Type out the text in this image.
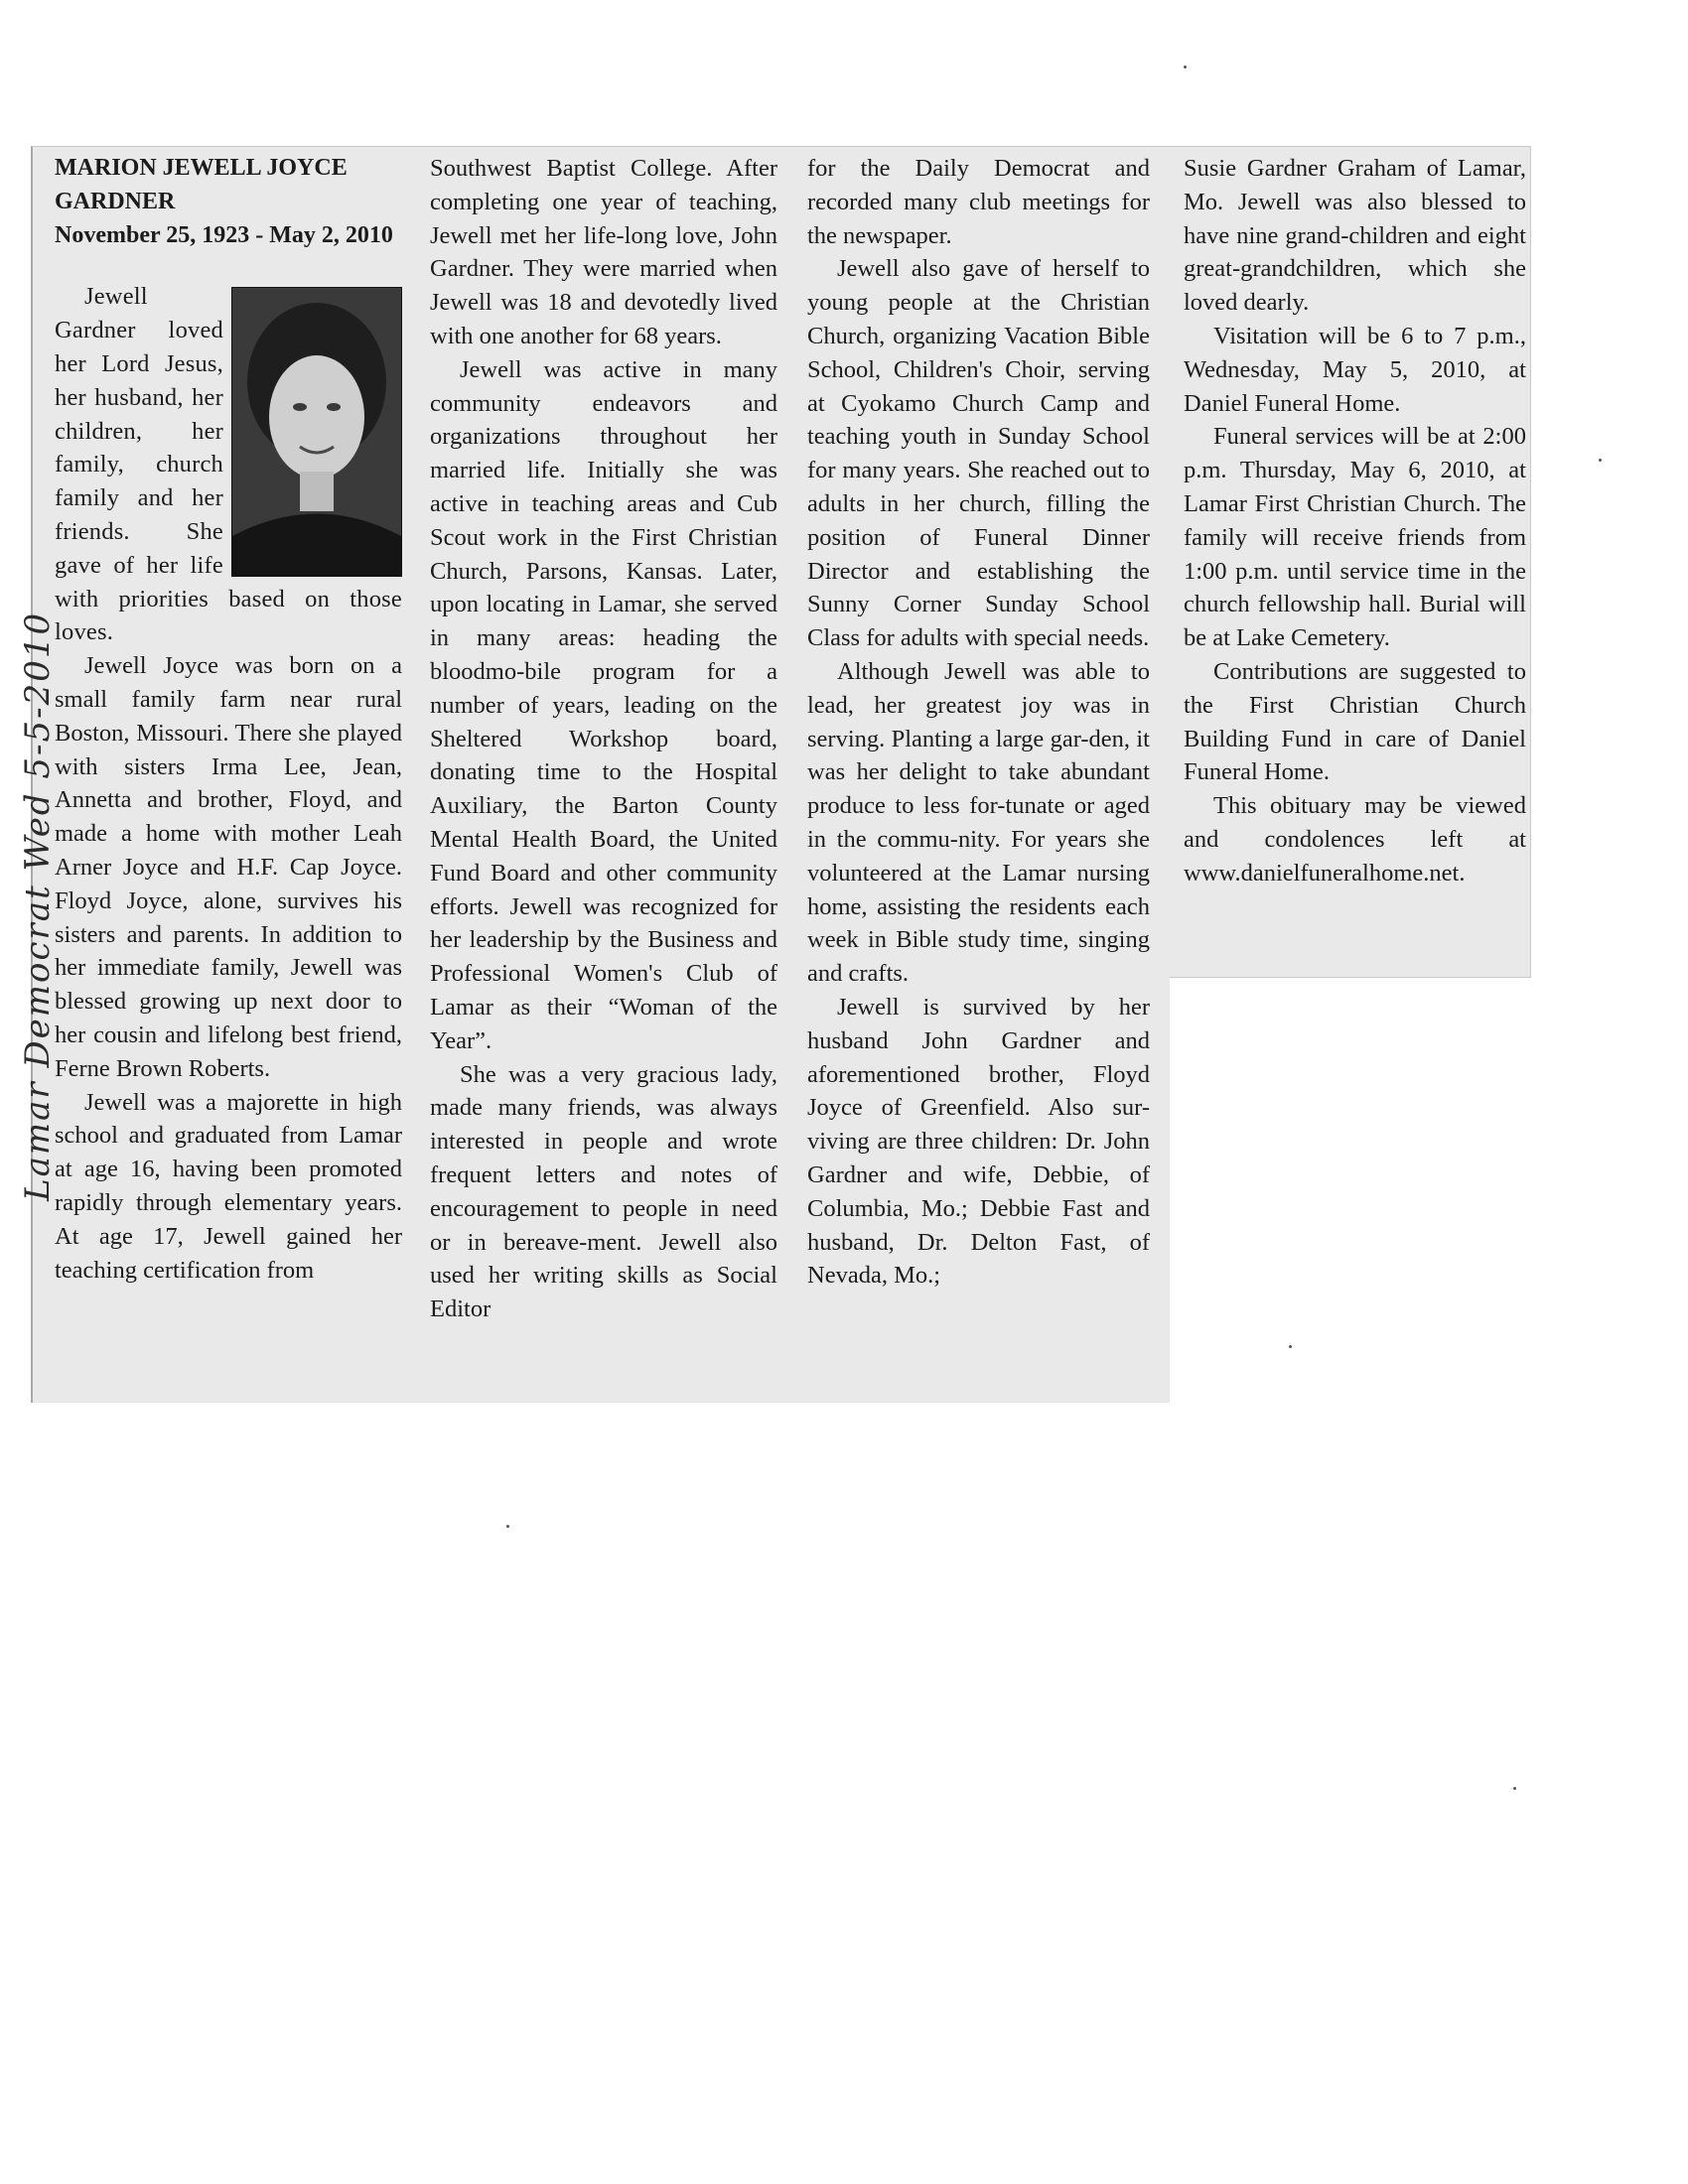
Lamar Democrat Wed 5-5-2010

MARION JEWELL JOYCE GARDNER

November 25, 1923 - May 2, 2010

Jewell Gardner loved her Lord Jesus, her husband, her children, her family, church family and her friends. She gave of her life with priorities based on those loves.

Jewell Joyce was born on a small family farm near rural Boston, Missouri. There she played with sisters Irma Lee, Jean, Annetta and brother, Floyd, and made a home with mother Leah Arner Joyce and H.F. Cap Joyce. Floyd Joyce, alone, survives his sisters and parents. In addition to her immediate family, Jewell was blessed growing up next door to her cousin and lifelong best friend, Ferne Brown Roberts.

Jewell was a majorette in high school and graduated from Lamar at age 16, having been promoted rapidly through elementary years. At age 17, Jewell gained her teaching certification from

Southwest Baptist College. After completing one year of teaching, Jewell met her life-long love, John Gardner. They were married when Jewell was 18 and devotedly lived with one another for 68 years.

Jewell was active in many community endeavors and organizations throughout her married life. Initially she was active in teaching areas and Cub Scout work in the First Christian Church, Parsons, Kansas. Later, upon locating in Lamar, she served in many areas: heading the bloodmo-bile program for a number of years, leading on the Sheltered Workshop board, donating time to the Hospital Auxiliary, the Barton County Mental Health Board, the United Fund Board and other community efforts. Jewell was recognized for her leadership by the Business and Professional Women's Club of Lamar as their “Woman of the Year”.

She was a very gracious lady, made many friends, was always interested in people and wrote frequent letters and notes of encouragement to people in need or in bereave-ment. Jewell also used her writing skills as Social Editor

for the Daily Democrat and recorded many club meetings for the newspaper.

Jewell also gave of herself to young people at the Christian Church, organizing Vacation Bible School, Children's Choir, serving at Cyokamo Church Camp and teaching youth in Sunday School for many years. She reached out to adults in her church, filling the position of Funeral Dinner Director and establishing the Sunny Corner Sunday School Class for adults with special needs.

Although Jewell was able to lead, her greatest joy was in serving. Planting a large gar-den, it was her delight to take abundant produce to less for-tunate or aged in the commu-nity. For years she volunteered at the Lamar nursing home, assisting the residents each week in Bible study time, singing and crafts.

Jewell is survived by her husband John Gardner and aforementioned brother, Floyd Joyce of Greenfield. Also sur-viving are three children: Dr. John Gardner and wife, Debbie, of Columbia, Mo.; Debbie Fast and husband, Dr. Delton Fast, of Nevada, Mo.;

Susie Gardner Graham of Lamar, Mo. Jewell was also blessed to have nine grand-children and eight great-grandchildren, which she loved dearly.

Visitation will be 6 to 7 p.m., Wednesday, May 5, 2010, at Daniel Funeral Home.

Funeral services will be at 2:00 p.m. Thursday, May 6, 2010, at Lamar First Christian Church. The family will receive friends from 1:00 p.m. until service time in the church fellowship hall. Burial will be at Lake Cemetery.

Contributions are suggested to the First Christian Church Building Fund in care of Daniel Funeral Home.

This obituary may be viewed and condolences left at www.danielfuneralhome.net.
